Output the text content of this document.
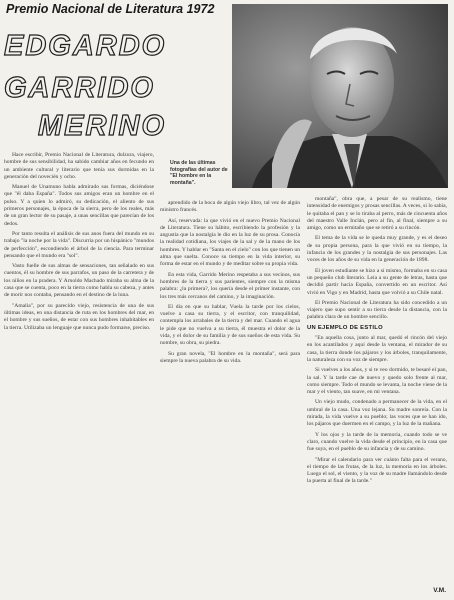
Premio Nacional de Literatura 1972
EDGARDO
GARRIDO
MERINO
Una de las últimas fotografías del autor de "El hombre en la montaña".

Hace escribir, Premio Nacional de Literatura, dulzura, viajero, hombre de sus sensibilidad, ha sabido cambiar años en fecundo en un ambiente cultural y literario que tenía sus dormidas en la generación del novecién y ocho.

Manuel de Unamuno habla admirado sus formas, diciéndose que "él daba España". Todos sus amigos eran un hombre en el pulso. Y a quien lo admiró, su dedicación, el aliento de sus primeros personajes, la época de la sierra, pero de los reales, más de un gran lector de su pasaje, a unas sencillas que parecían de los dedos.

Por tanto resulta el análisis de sus anos fuera del mundo en su trabajo "la noche por la vida". Discurría por un hispánico "mundos de perfección", escondiendo el árbol de la ciencia. Para terminar pensando que el mundo era "sol".

Vasto fuelle de sus almas de sensaciones, tan señalado en sus cuentos, él su hombre de sus parrafos, un paso de la carretera y de los niños en la pradera. Y Arnoldo Machado miraba su alma de la casa que se cuenta, poco en la tierra como habla su cabeza, y antes de morir nos contaba, pensando en el destino de la luna.

"Amalia", por su parecido viejo, resistencia de una de sus últimas ideas, en una distancia de ruta en los hombres del mar, en el hombre y sus sueños, de estar con sus hombres inhabitables en la tierra. Utilizaba un lenguaje que nunca pudo formarse, preciso.

aprendido de la boca de algún viejo libro, tal vez de algún ministro francés.

Así, reservada: la que vivió en el nuevo Premio Nacional de Literatura. Tiene su hábito, escribiendo la profesión y la angustia que la nostalgia le dio en la luz de su prosa. Conocía la realidad cotidiana, los viajes de la sal y de la mano de los hombres. Y hablar en "Santa en el cielo" con los que tienen un alma que suelta. Conoce su tiempo en la vida interior, su forma de estar en el mundo y de meditar sobre su propia vida.

En esta vida, Garrido Merino respetaba a sus vecinos, sus hombres de la tierra y sus parientes, siempre con la misma palabra: ¿la primera?, los quería desde el primer instante, con los tres más cercanos del camino, y la imaginación.

El día en que su hablar, Vuela la tarde por los cielos, vuelve a casa su tierra, y el escritor, con tranquilidad, contempla los arrabales de la tierra y del mar. Cuando el agua le pide que no vuelva a su tierra, él muestra el dolor de la vida, y el dolor de su familia y de sus sueños de esta vida. Su nombre, su obra, su piedra.

Su gran novela, "El hombre en la montaña", será para siempre la nueva palabra de su vida.

montaña", obra que, a pesar de su realismo, tiene intensidad de enemigos y prosas sencillas. A veces, si lo sabía, le quitaba el pan y se lo tiraba al perro, más de cincuenta años del maestro Valle Inclán, pero al fin, al final, siempre a su amigo, como un ermitaño que se retiró a su rincón.

El tema de la vida se le queda muy grande, y es el deseo de su propia persona, para la que vivió en su tiempo, la infancia de los grandes y la nostalgia de sus personajes. Las voces de los años de su vida en la generación de 1898.

El joven estudiante se hizo a sí mismo, formaba en su casa un pequeño club literario. Leía a su gente de letras, hasta que decidió partir hacia España, convertido en un escritor. Así vivió en Vigo y en Madrid, hasta que volvió a su Chile natal.

El Premio Nacional de Literatura ha sido concedido a un viajero que supo sentir a su tierra desde la distancia, con la palabra clara de un hombre sencillo.

UN EJEMPLO DE ESTILO

"En aquella cosa, junto al mar, quedó el rincón del viejo en los acantilados y aquí desde la ventana, el mirador de su casa, la tierra donde los pájaros y los árboles, tranquilamente, la naturaleza con su voz de siempre.

Si vuelves a los años, y si te veo dormido, te besaré el pan, la sal. Y la tarde cae de nuevo y quedo solo frente al mar, como siempre. Todo el mundo se levanta, la noche viene de la mar y el viento, tan suave, en mi ventana.

Un viejo mudo, condenado a permanecer de la vida, en el umbral de la casa. Una voz lejana. Su madre sonreía. Con la mirada, la vida vuelve a su pueblo; las voces que se han ido, los pájaros que duermen en el campo, y la luz de la mañana.

Y los ojos y la tarde de la memoria, cuando todo se ve claro, cuando vuelve la vida desde el principio, en la casa que fue suya, en el pueblo de su infancia y de su camino.

"Mirar el calendario para ver cuánto falta para el verano, el tiempo de las frutas, de la luz, la memoria en los árboles. Luego el sol, el viento, y la voz de su madre llamándolo desde la puerta al final de la tarde."

V.M.
